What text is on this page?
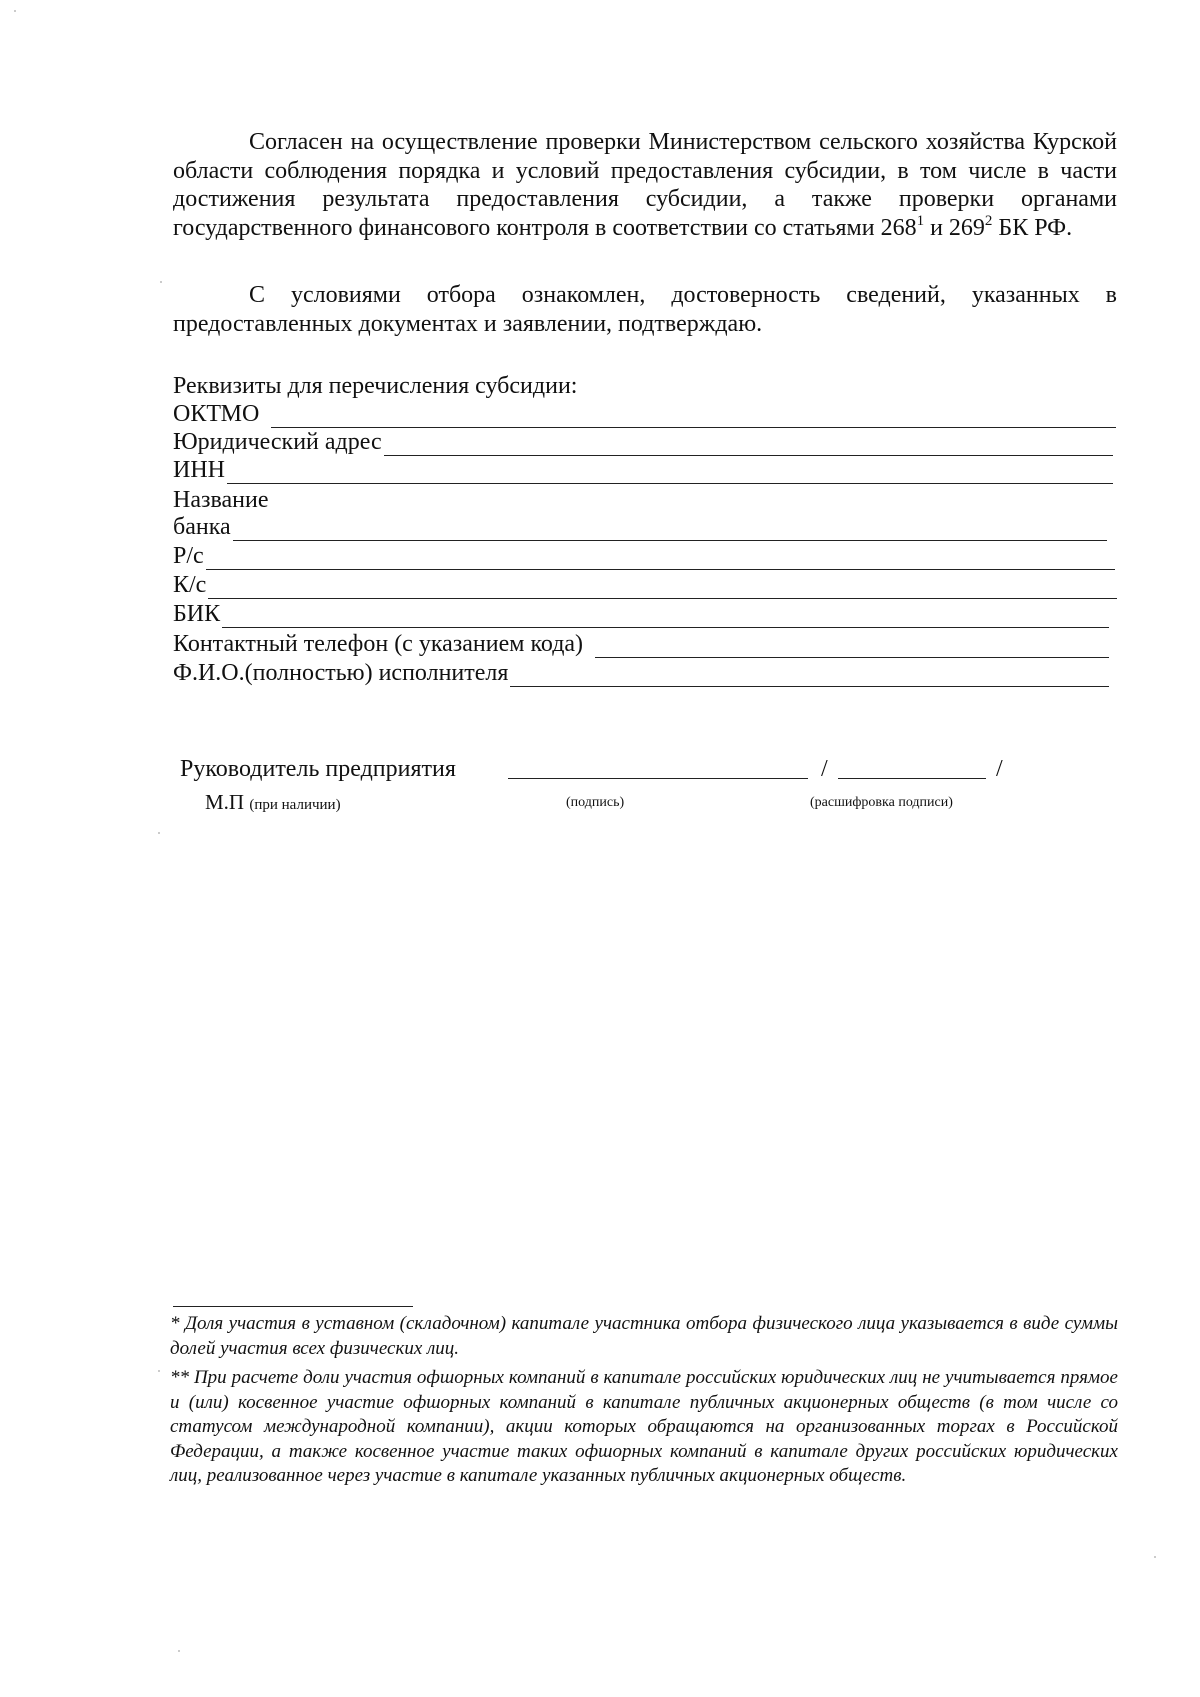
Согласен на осуществление проверки Министерством сельского хозяйства Курской области соблюдения порядка и условий предоставления субсидии, в том числе в части достижения результата предоставления субсидии, а также проверки органами государственного финансового контроля в соответствии со статьями $268^1$ и $269^2$ БК РФ.

С условиями отбора ознакомлен, достоверность сведений, указанных в предоставленных документах и заявлении, подтверждаю.

Реквизиты для перечисления субсидии:

ОКТМО
Юридический адрес
ИНН

Название

банка
Р/с
К/с
БИК
Контактный телефон (с указанием кода)
Ф.И.О.(полностью) исполнителя
Руководитель предприятия	/	/
М.П (при наличии)	(подпись)	(расшифровка подписи)

* Доля участия в уставном (складочном) капитале участника отбора физического лица указывается в виде суммы долей участия всех физических лиц.

** При расчете доли участия офшорных компаний в капитале российских юридических лиц не учитывается прямое и (или) косвенное участие офшорных компаний в капитале публичных акционерных обществ (в том числе со статусом международной компании), акции которых обращаются на организованных торгах в Российской Федерации, а также косвенное участие таких офшорных компаний в капитале других российских юридических лиц, реализованное через участие в капитале указанных публичных акционерных обществ.
